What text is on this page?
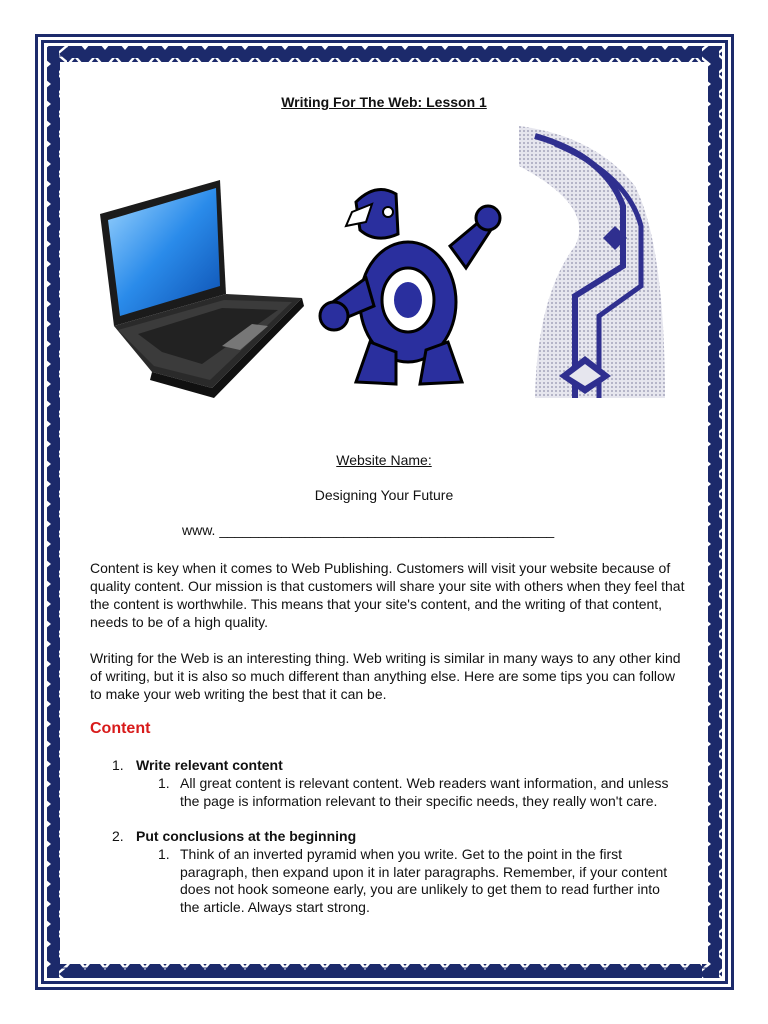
Writing For The Web: Lesson 1
Website Name:
Designing Your Future
www. ___________________________________________
Content is key when it comes to Web Publishing. Customers will visit your website because of quality content. Our mission is that customers will share your site with others when they feel that the content is worthwhile. This means that your site's content, and the writing of that content, needs to be of a high quality.
Writing for the Web is an interesting thing. Web writing is similar in many ways to any other kind of writing, but it is also so much different than anything else. Here are some tips you can follow to make your web writing the best that it can be.
Content
1. Write relevant content
1. All great content is relevant content. Web readers want information, and unless the page is information relevant to their specific needs, they really won't care.
2. Put conclusions at the beginning
1. Think of an inverted pyramid when you write. Get to the point in the first paragraph, then expand upon it in later paragraphs. Remember, if your content does not hook someone early, you are unlikely to get them to read further into the article. Always start strong.
